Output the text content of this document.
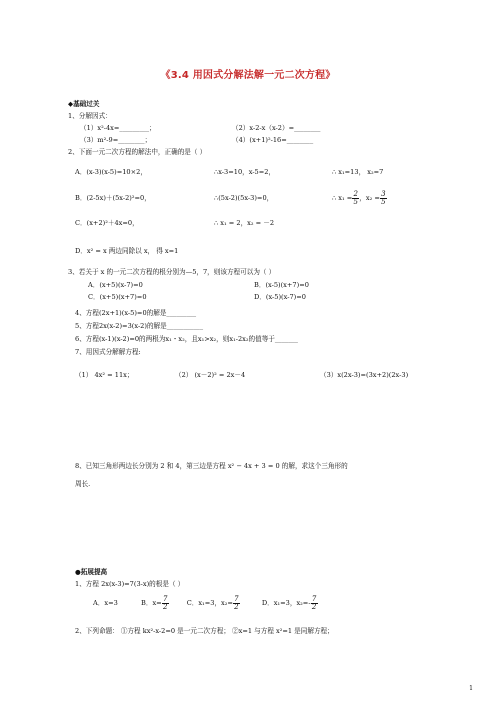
《3.4 用因式分解法解一元二次方程》
◆基础过关
1、分解因式：
（1）x²-4x=_________；	（2）x-2-x（x-2）=________
（3）m²-9=________；	（4）(x+1)²-16=________
2、下面一元二次方程的解法中，正确的是（ ）
A．(x-3)(x-5)=10×2，	∴x-3=10，x-5=2，	∴ x₁=13， x₂=7
B．(2-5x)＋(5x-2)²=0，	∴(5x-2)(5x-3)=0，	∴ $x_1 = \frac{2}{5}$ ，$x_2 = \frac{3}{5}$
C．(x+2)²＋4x=0，	∴ x₁ = 2，x₂ = －2
D．x² = x 两边同除以 x， 得 x=1
3、若关于 x 的一元二次方程的根分别为—5，7，则该方程可以为（ ）
A．(x+5)(x-7)=0	B．(x-5)(x+7)=0
C．(x+5)(x+7)=0	D．(x-5)(x-7)=0
4、方程(2x+1)(x-5)=0的解是_________
5、方程2x(x-2)=3(x-2)的解是___________
6、方程(x-1)(x-2)=0的两根为x₁・x₂，且x₁>x₂，则x₁-2x₂的值等于_______
7、用因式分解解方程:
（1） 4x² = 11x；	（2） (x－2)² = 2x－4	（3）x(2x-3)=(3x+2)(2x-3)
8、已知三角形两边长分别为 2 和 4，第三边是方程 x² − 4x + 3 = 0 的解，求这个三角形的
周长.
●拓展提高
1、方程 2x(x-3)=7(3-x)的根是（ ）
A．x=3	B．$x= \frac{7}{2}$	C．x₁=3，$x_2= \frac{7}{2}$	D．x₁=3，$x_2=- \frac{7}{2}$
2、下列命题： ①方程 kx²-x-2=0 是一元二次方程； ②x=1 与方程 x²=1 是同解方程；
1
